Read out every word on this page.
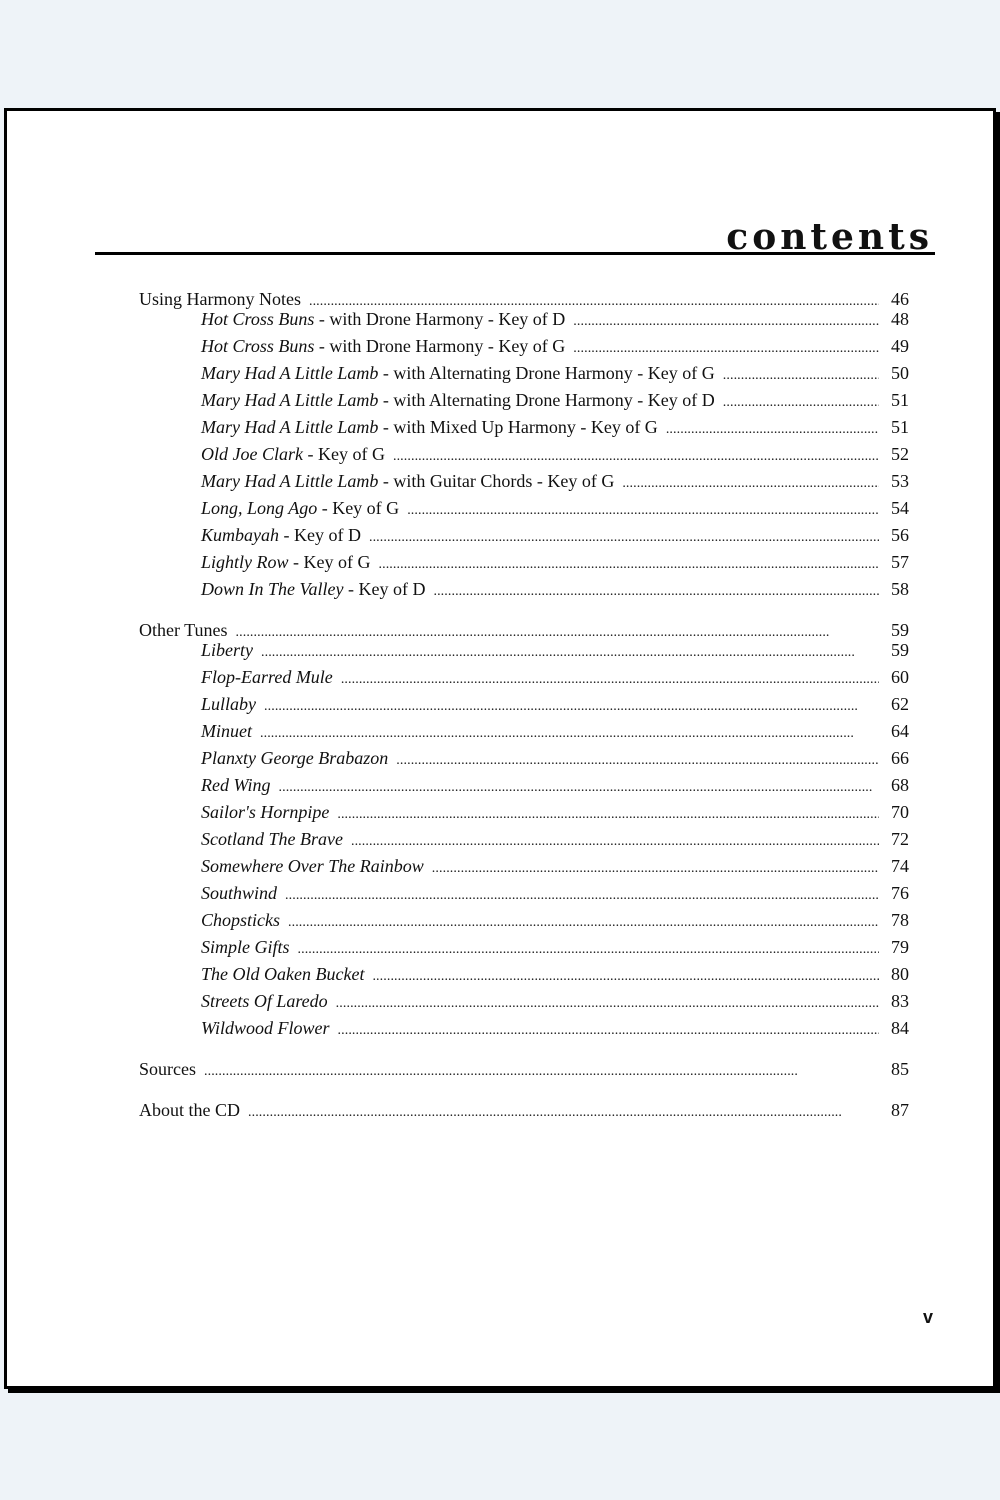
contents
Using Harmony Notes . . .	46
Hot Cross Buns - with Drone Harmony - Key of D . . .	48
Hot Cross Buns - with Drone Harmony - Key of G . . .	49
Mary Had A Little Lamb - with Alternating Drone Harmony - Key of G . . .	50
Mary Had A Little Lamb - with Alternating Drone Harmony - Key of D . . .	51
Mary Had A Little Lamb - with Mixed Up Harmony - Key of G . . .	51
Old Joe Clark - Key of G . . .	52
Mary Had A Little Lamb - with Guitar Chords - Key of G . . .	53
Long, Long Ago - Key of G . . .	54
Kumbayah - Key of D . . .	56
Lightly Row - Key of G . . .	57
Down In The Valley - Key of D . . .	58
Other Tunes . . .	59
Liberty . . .	59
Flop-Earred Mule . . .	60
Lullaby . . .	62
Minuet . . .	64
Planxty George Brabazon . . .	66
Red Wing . . .	68
Sailor's Hornpipe . . .	70
Scotland The Brave . . .	72
Somewhere Over The Rainbow . . .	74
Southwind . . .	76
Chopsticks . . .	78
Simple Gifts . . .	79
The Old Oaken Bucket . . .	80
Streets Of Laredo . . .	83
Wildwood Flower . . .	84
Sources . . .	85
About the CD . . .	87
v
